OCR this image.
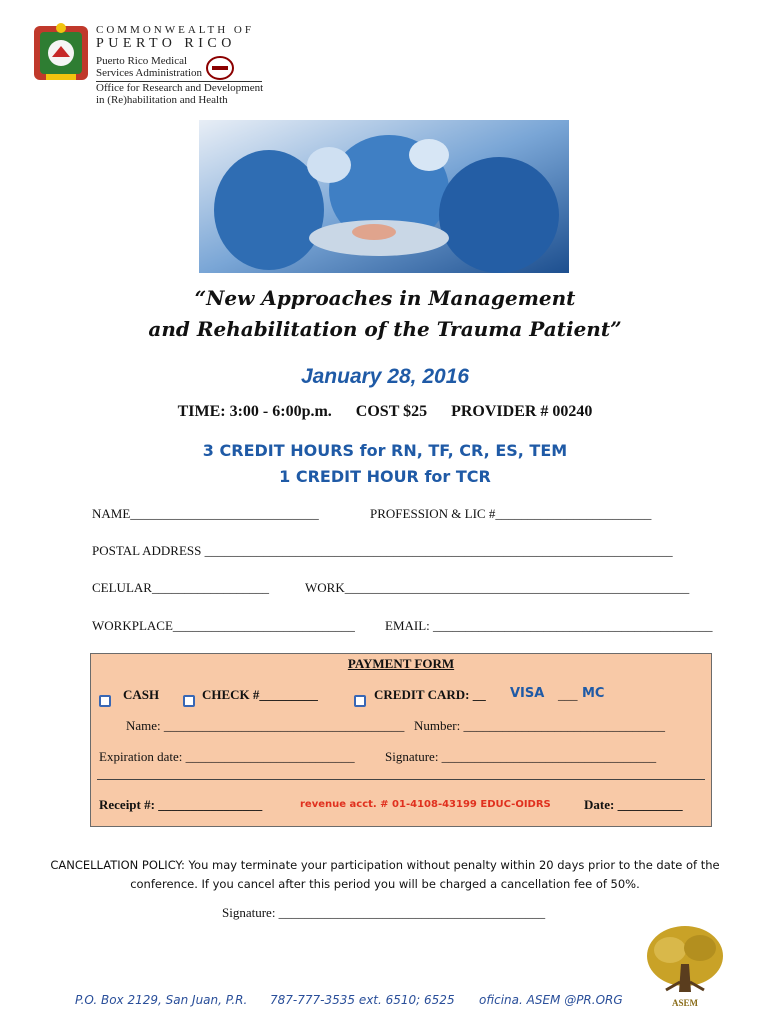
COMMONWEALTH OF
PUERTO RICO
Puerto Rico Medical
Services Administration
Office for Research and Development
in (Re)habilitation and Health
“New Approaches in Management
and Rehabilitation of the Trauma Patient”
January 28, 2016
TIME: 3:00 - 6:00p.m. COST $25 PROVIDER # 00240
3 CREDIT HOURS for RN, TF, CR, ES, TEM
1 CREDIT HOUR for TCR
NAME_____________________________	PROFESSION & LIC #________________________
POSTAL ADDRESS ________________________________________________________________________
CELULAR__________________	WORK_____________________________________________________
WORKPLACE____________________________ EMAIL: ___________________________________________
PAYMENT FORM
CASH	CHECK #_________	CREDIT CARD: __ VISA ___ MC
Name: _____________________________________ Number: _______________________________
Expiration date: __________________________ Signature: _________________________________
Receipt #: ________________	revenue acct. # 01-4108-43199 EDUC-OIDRS	Date: __________
CANCELLATION POLICY: You may terminate your participation without penalty within 20 days prior to the date of the
conference. If you cancel after this period you will be charged a cancellation fee of 50%.
Signature: _________________________________________
ASEM
P.O. Box 2129, San Juan, P.R. 787-777-3535 ext. 6510; 6525 oficina. ASEM @PR.ORG
